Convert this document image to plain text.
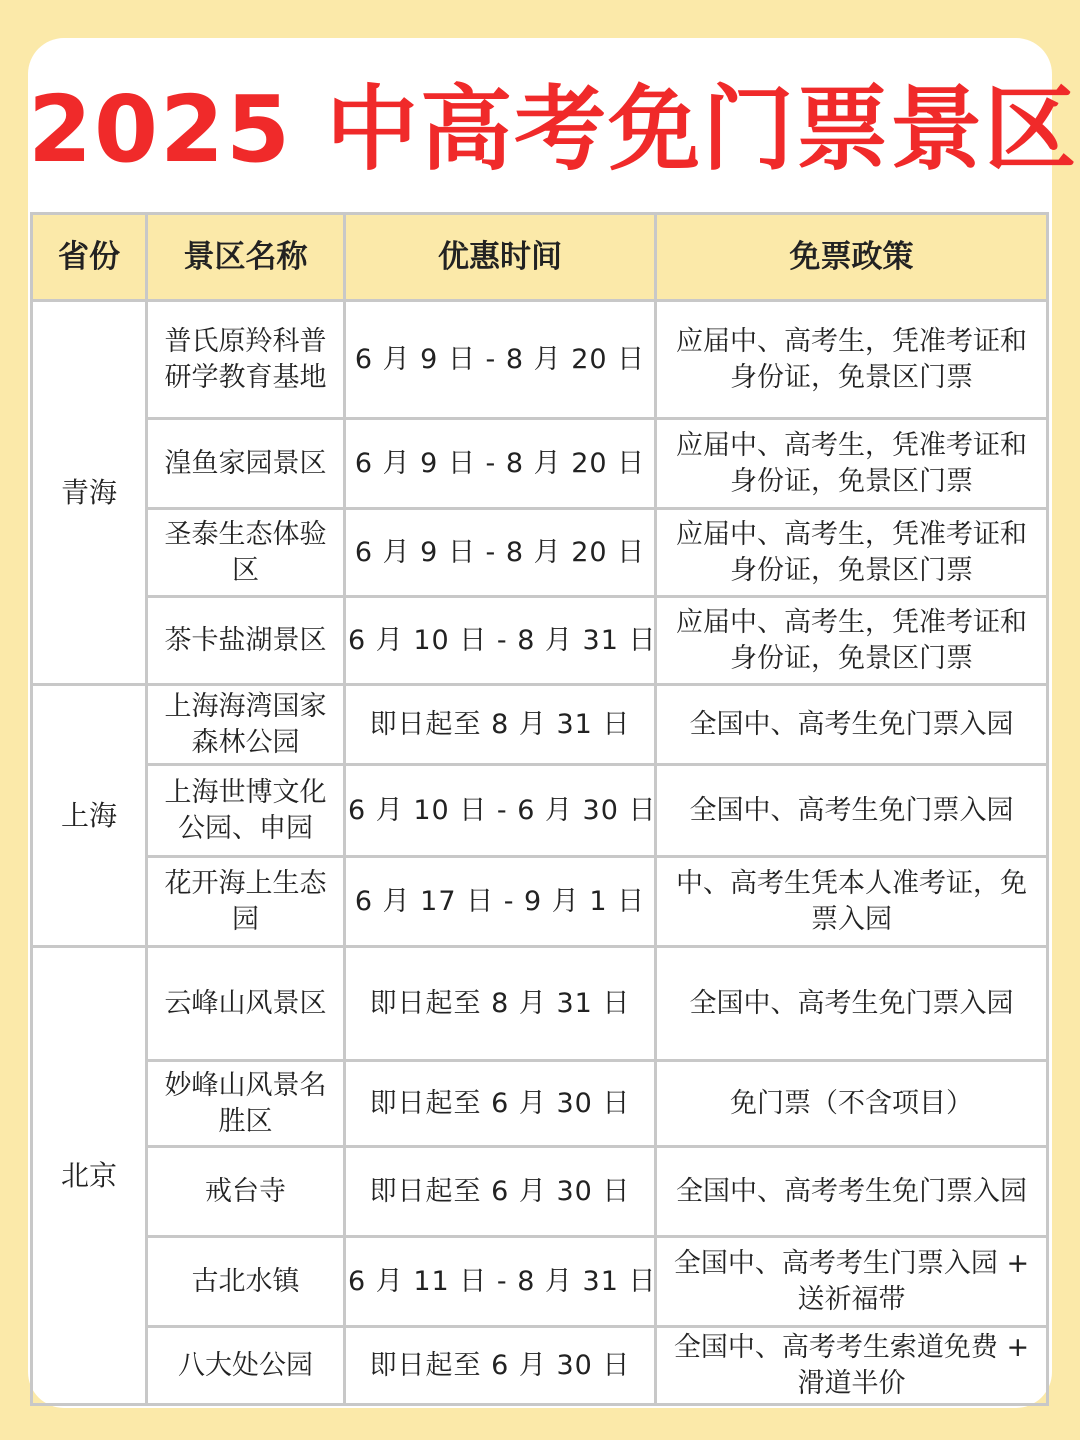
2025 中高考免门票景区
省份	景区名称	优惠时间	免票政策
青海	普氏原羚科普研学教育基地	6 月 9 日 - 8 月 20 日	应届中、高考生，凭准考证和身份证，免景区门票
	湟鱼家园景区	6 月 9 日 - 8 月 20 日	应届中、高考生，凭准考证和身份证，免景区门票
	圣泰生态体验区	6 月 9 日 - 8 月 20 日	应届中、高考生，凭准考证和身份证，免景区门票
	茶卡盐湖景区	6 月 10 日 - 8 月 31 日	应届中、高考生，凭准考证和身份证，免景区门票
上海	上海海湾国家森林公园	即日起至 8 月 31 日	全国中、高考生免门票入园
	上海世博文化公园、申园	6 月 10 日 - 6 月 30 日	全国中、高考生免门票入园
	花开海上生态园	6 月 17 日 - 9 月 1 日	中、高考生凭本人准考证，免票入园
北京	云峰山风景区	即日起至 8 月 31 日	全国中、高考生免门票入园
	妙峰山风景名胜区	即日起至 6 月 30 日	免门票（不含项目）
	戒台寺	即日起至 6 月 30 日	全国中、高考考生免门票入园
	古北水镇	6 月 11 日 - 8 月 31 日	全国中、高考考生门票入园 + 送祈福带
	八大处公园	即日起至 6 月 30 日	全国中、高考考生索道免费 + 滑道半价
